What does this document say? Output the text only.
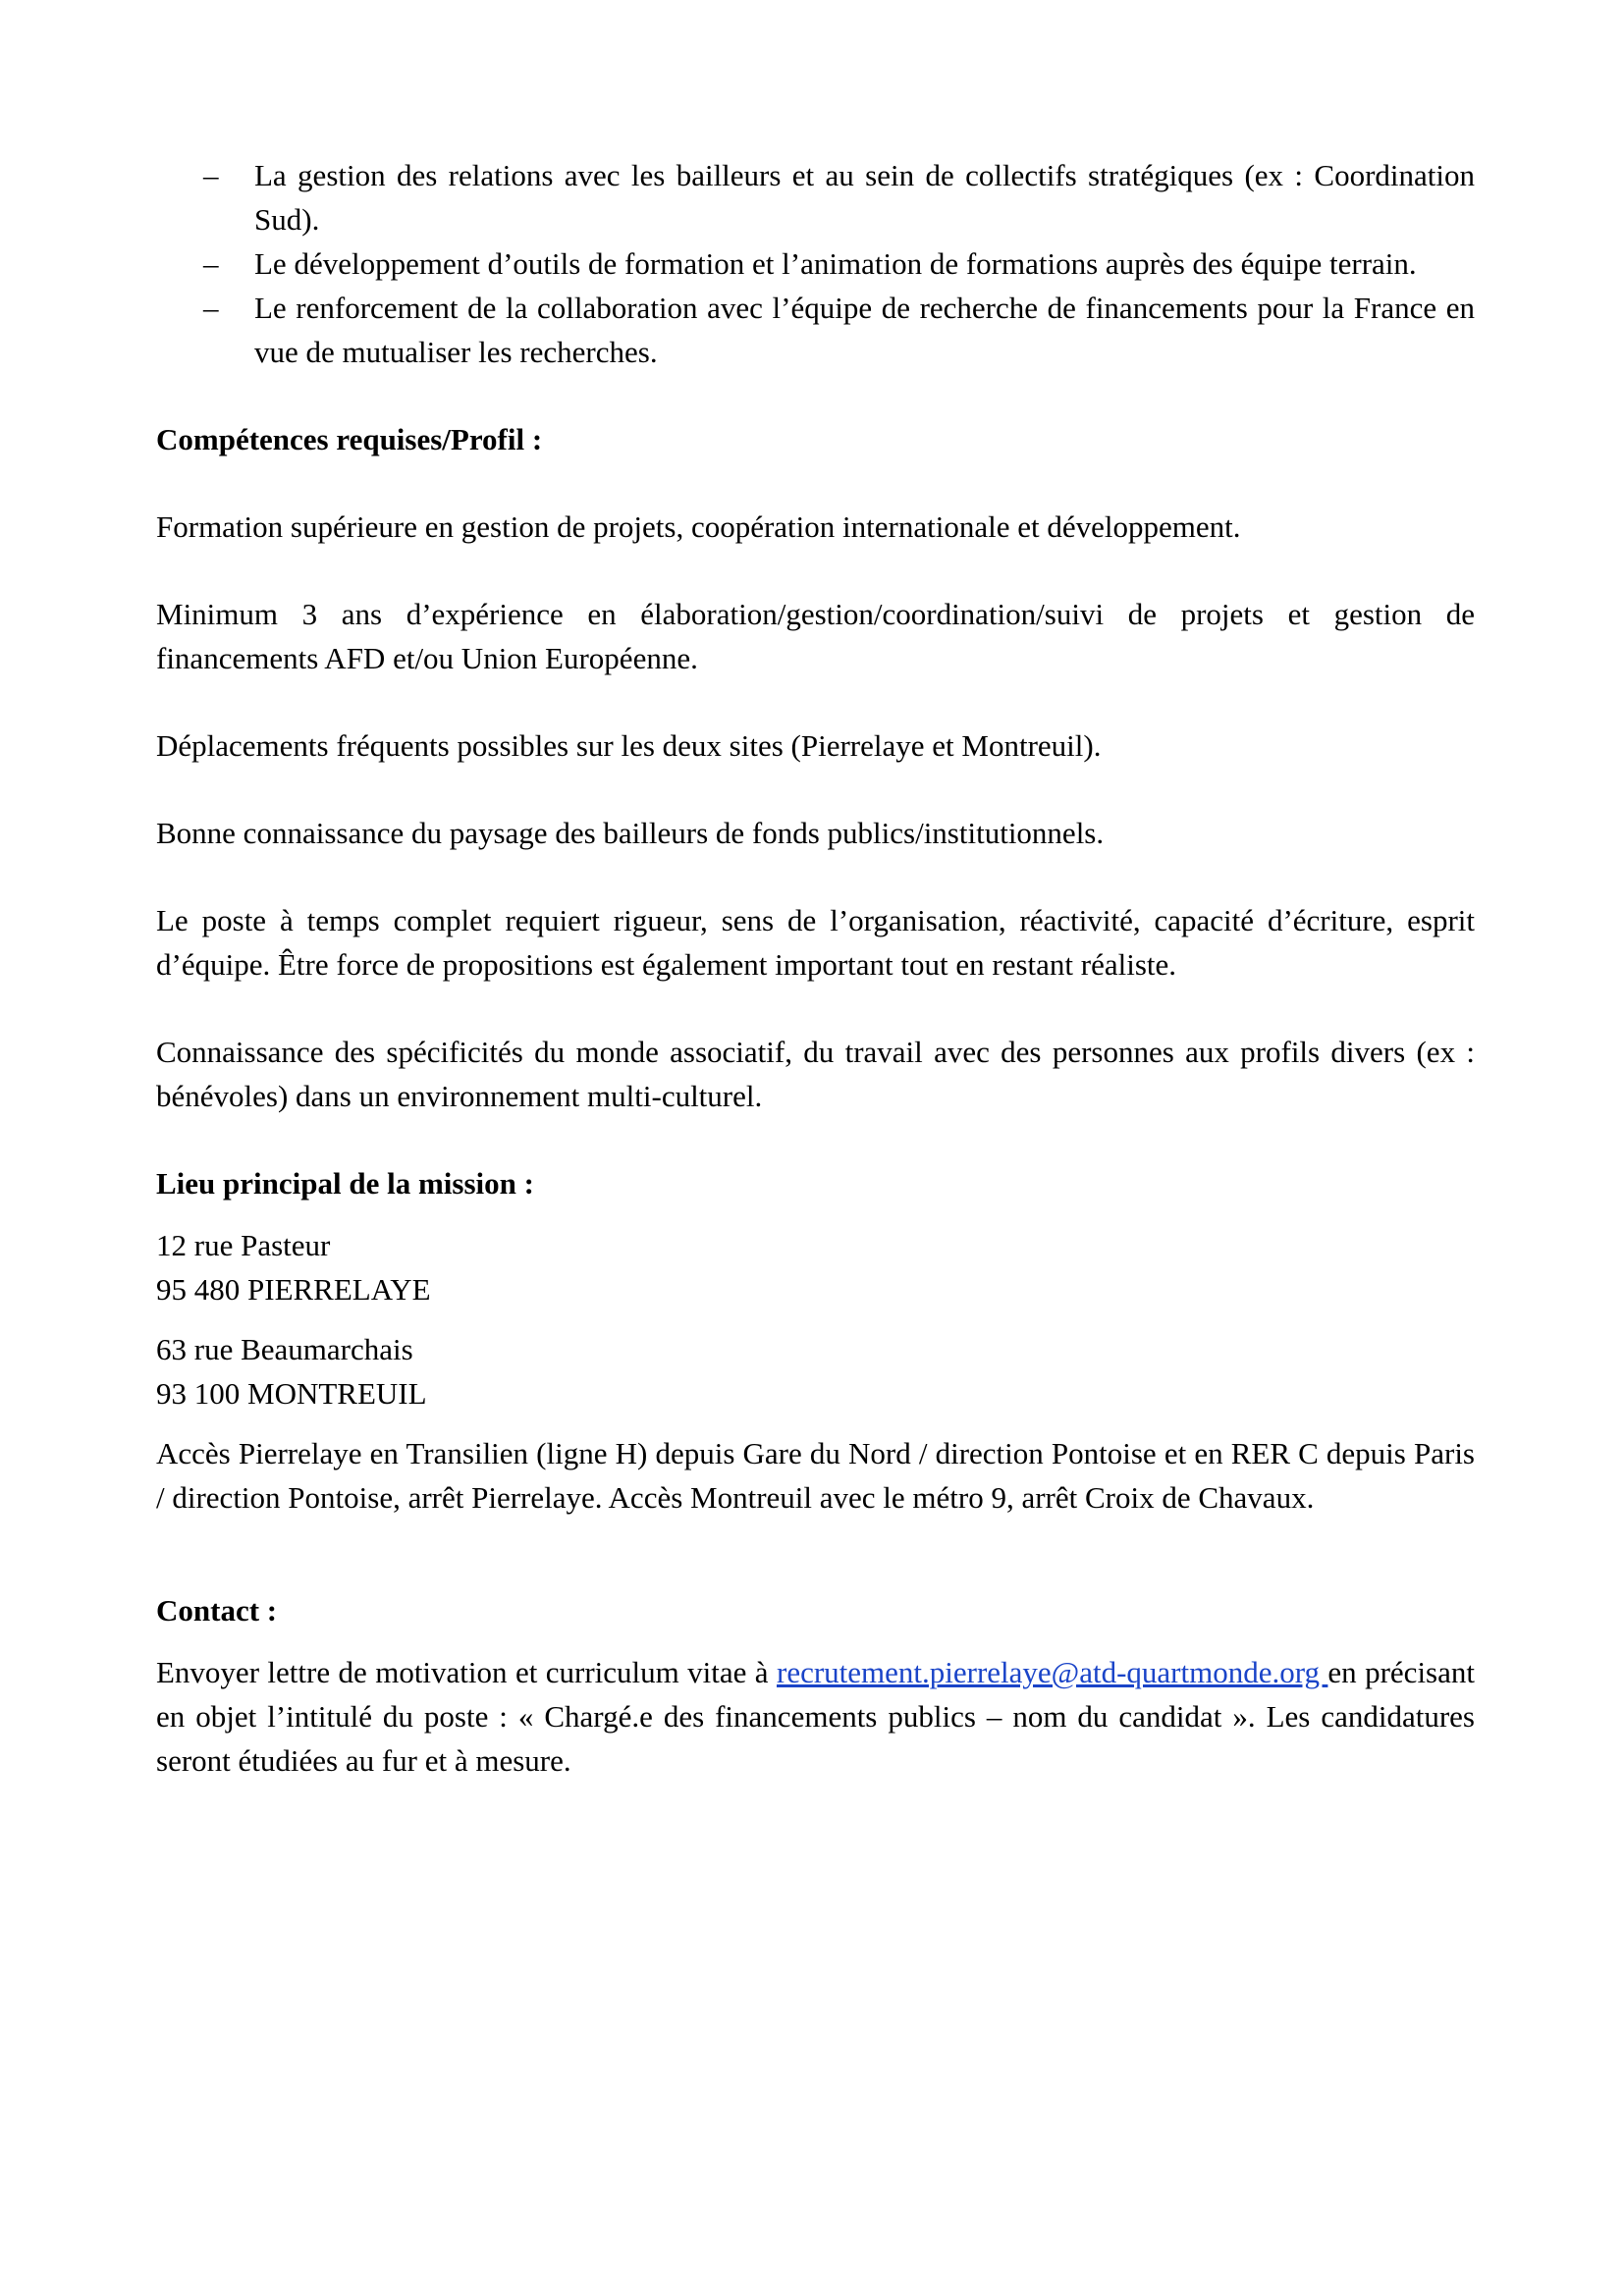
– La gestion des relations avec les bailleurs et au sein de collectifs stratégiques (ex : Coordination Sud).
– Le développement d’outils de formation et l’animation de formations auprès des équipe terrain.
– Le renforcement de la collaboration avec l’équipe de recherche de financements pour la France en vue de mutualiser les recherches.

Compétences requises/Profil :

Formation supérieure en gestion de projets, coopération internationale et développement.

Minimum 3 ans d’expérience en élaboration/gestion/coordination/suivi de projets et gestion de financements AFD et/ou Union Européenne.

Déplacements fréquents possibles sur les deux sites (Pierrelaye et Montreuil).

Bonne connaissance du paysage des bailleurs de fonds publics/institutionnels.

Le poste à temps complet requiert rigueur, sens de l’organisation, réactivité, capacité d’écriture, esprit d’équipe. Être force de propositions est également important tout en restant réaliste.

Connaissance des spécificités du monde associatif, du travail avec des personnes aux profils divers (ex : bénévoles) dans un environnement multi-culturel.

Lieu principal de la mission :

12 rue Pasteur
95 480 PIERRELAYE
63 rue Beaumarchais
93 100 MONTREUIL

Accès Pierrelaye en Transilien (ligne H) depuis Gare du Nord / direction Pontoise et en RER C depuis Paris / direction Pontoise, arrêt Pierrelaye. Accès Montreuil avec le métro 9, arrêt Croix de Chavaux.

Contact :

Envoyer lettre de motivation et curriculum vitae à recrutement.pierrelaye@atd-quartmonde.org en précisant en objet l’intitulé du poste : « Chargé.e des financements publics – nom du candidat ». Les candidatures seront étudiées au fur et à mesure.
